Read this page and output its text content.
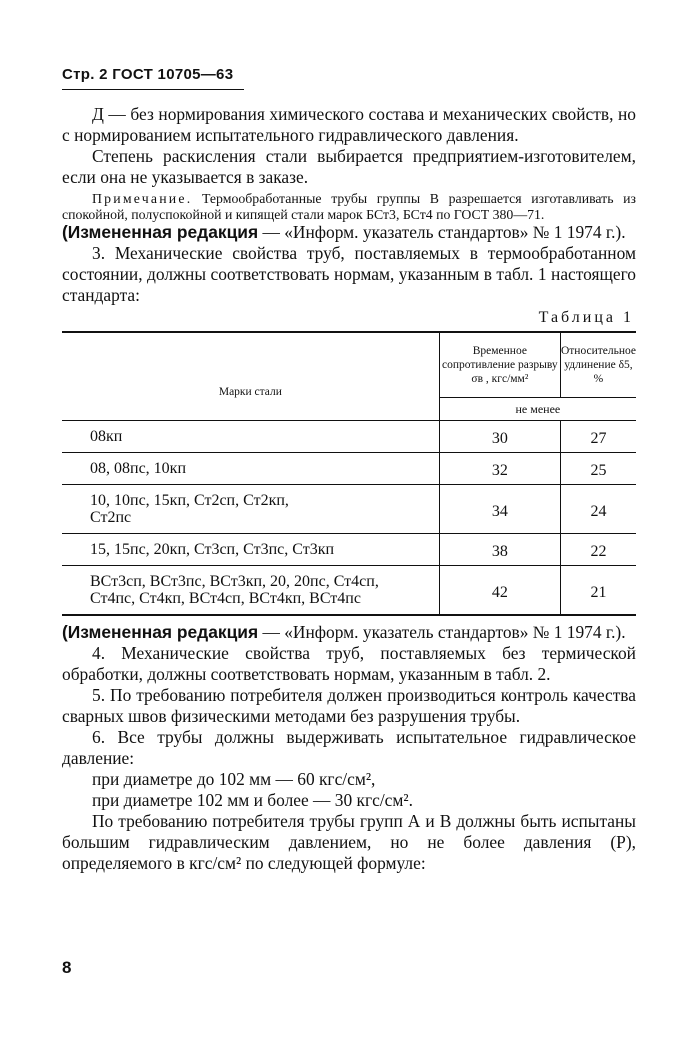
Стр. 2 ГОСТ 10705—63

Д — без нормирования химического состава и механических свойств, но с нормированием испытательного гидравлического давления.

Степень раскисления стали выбирается предприятием-изготовителем, если она не указывается в заказе.

Примечание. Термообработанные трубы группы В разрешается изготавливать из спокойной, полуспокойной и кипящей стали марок БСт3, БСт4 по ГОСТ 380—71.

(Измененная редакция — «Информ. указатель стандартов» № 1 1974 г.).

3. Механические свойства труб, поставляемых в термообработанном состоянии, должны соответствовать нормам, указанным в табл. 1 настоящего стандарта:

Таблица 1
Марки стали	Временное сопротивление разрыву σв , кгс/мм²	Относительное удлинение δ5, %
	не менее	
08кп	30	27
08, 08пс, 10кп	32	25
10, 10пс, 15кп, Ст2сп, Ст2кп, Ст2пс	34	24
15, 15пс, 20кп, Ст3сп, Ст3пс, Ст3кп	38	22
ВСт3сп, ВСт3пс, ВСт3кп, 20, 20пс, Ст4сп, Ст4пс, Ст4кп, ВСт4сп, ВСт4кп, ВСт4пс	42	21

(Измененная редакция — «Информ. указатель стандартов» № 1 1974 г.).

4. Механические свойства труб, поставляемых без термической обработки, должны соответствовать нормам, указанным в табл. 2.

5. По требованию потребителя должен производиться контроль качества сварных швов физическими методами без разрушения трубы.

6. Все трубы должны выдерживать испытательное гидравлическое давление:

при диаметре до 102 мм — 60 кгс/см²,

при диаметре 102 мм и более — 30 кгс/см².

По требованию потребителя трубы групп А и В должны быть испытаны большим гидравлическим давлением, но не более давления (P), определяемого в кгс/см² по следующей формуле:

8
